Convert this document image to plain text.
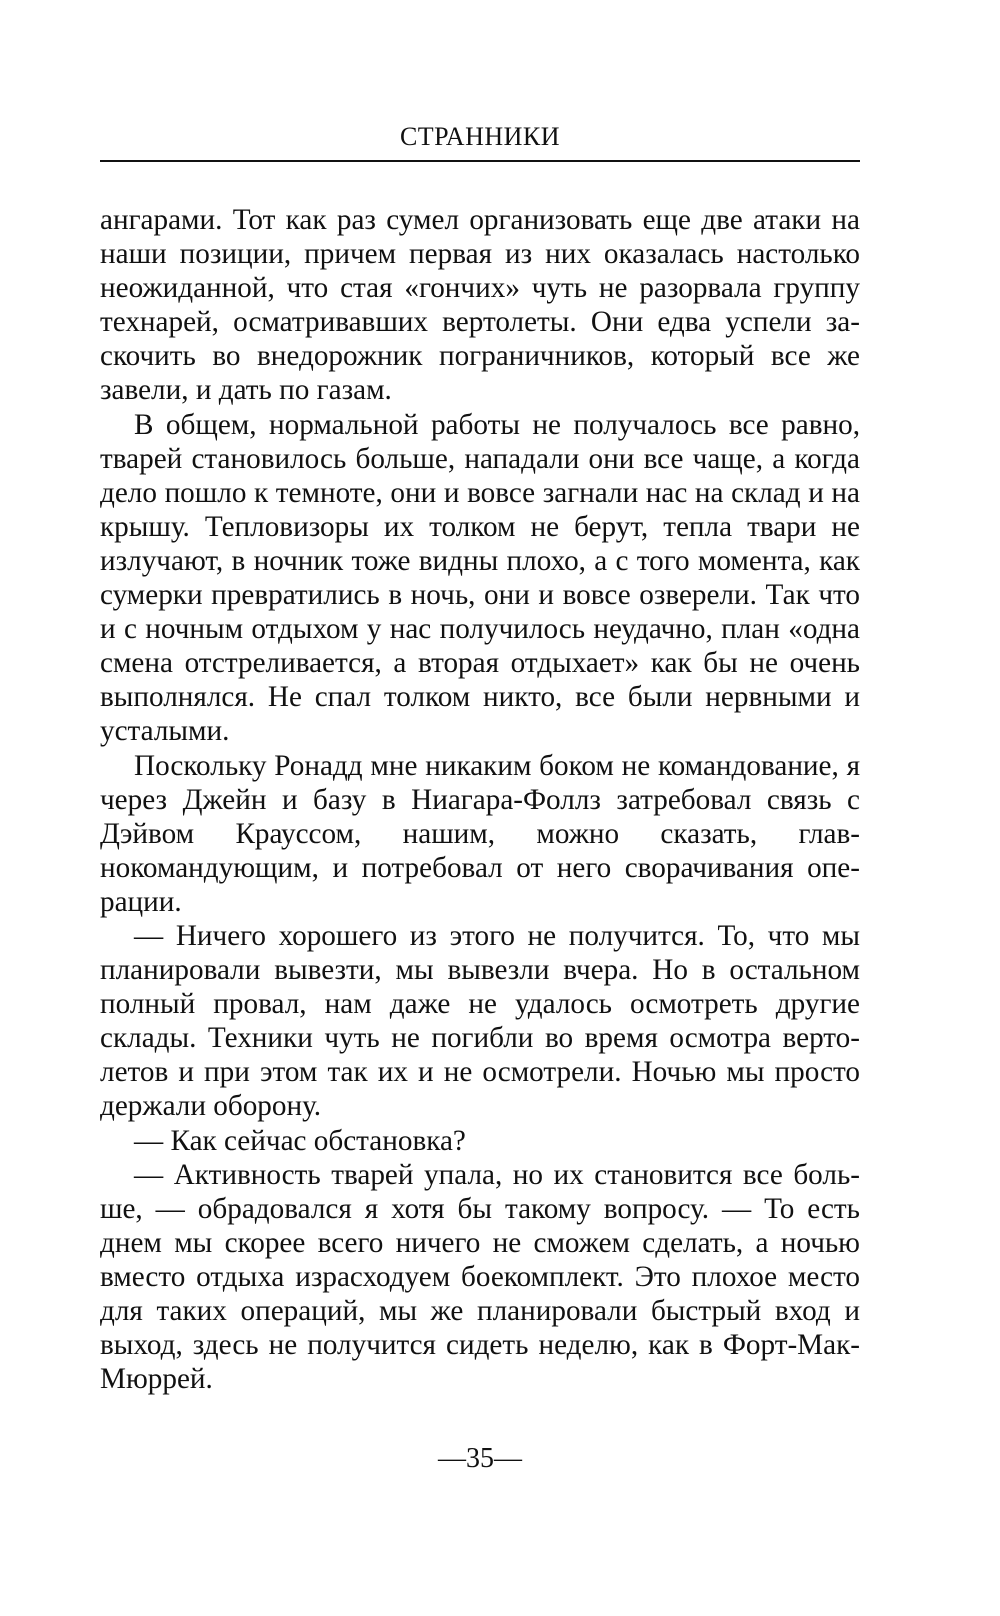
СТРАННИКИ

ангарами. Тот как раз сумел организовать еще две атаки на наши позиции, причем первая из них оказалась настолько неожиданной, что стая «гончих» чуть не разорвала группу технарей, осматривавших вертолеты. Они едва успели заскочить во внедорожник пограничников, который все же завели, и дать по газам.

В общем, нормальной работы не получалось все равно, тварей становилось больше, нападали они все чаще, а когда дело пошло к темноте, они и вовсе загнали нас на склад и на крышу. Тепловизоры их толком не берут, тепла твари не излучают, в ночник тоже видны плохо, а с того момента, как сумерки превратились в ночь, они и вовсе озверели. Так что и с ночным отдыхом у нас получилось неудачно, план «одна смена отстреливается, а вторая отдыхает» как бы не очень выполнялся. Не спал толком никто, все были нервными и усталыми.

Поскольку Ронадд мне никаким боком не командование, я через Джейн и базу в Ниагара-Фоллз затребовал связь с Дэйвом Крауссом, нашим, можно сказать, главнокомандующим, и потребовал от него сворачивания операции.

— Ничего хорошего из этого не получится. То, что мы планировали вывезти, мы вывезли вчера. Но в остальном полный провал, нам даже не удалось осмотреть другие склады. Техники чуть не погибли во время осмотра вертолетов и при этом так их и не осмотрели. Ночью мы просто держали оборону.

— Как сейчас обстановка?

— Активность тварей упала, но их становится все больше, — обрадовался я хотя бы такому вопросу. — То есть днем мы скорее всего ничего не сможем сделать, а ночью вместо отдыха израсходуем боекомплект. Это плохое место для таких операций, мы же планировали быстрый вход и выход, здесь не получится сидеть неделю, как в Форт-Мак-Мюррей.

—35—
